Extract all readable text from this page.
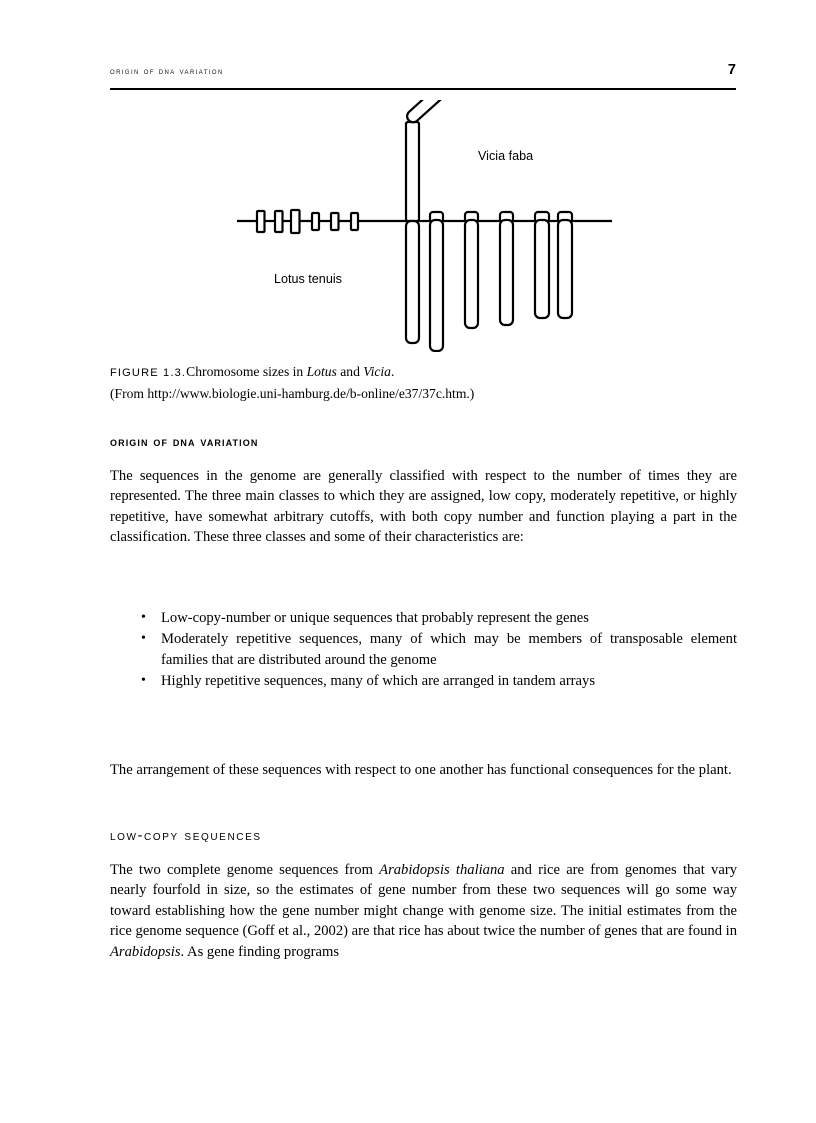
origin of dna variation	7
Vicia faba
Lotus tenuis
FIGURE 1.3.Chromosome sizes in Lotus and Vicia.
(From http://www.biologie.uni-hamburg.de/b-online/e37/37c.htm.)
origin of dna variation
The sequences in the genome are generally classified with respect to the number of times they are represented. The three main classes to which they are assigned, low copy, moderately repetitive, or highly repetitive, have somewhat arbitrary cutoffs, with both copy number and function playing a part in the classification. These three classes and some of their characteristics are:
•	Low-copy-number or unique sequences that probably represent the genes
•	Moderately repetitive sequences, many of which may be members of transposable element families that are distributed around the genome
•	Highly repetitive sequences, many of which are arranged in tandem arrays
The arrangement of these sequences with respect to one another has functional consequences for the plant.
low-copy sequences
The two complete genome sequences from Arabidopsis thaliana and rice are from genomes that vary nearly fourfold in size, so the estimates of gene number from these two sequences will go some way toward establishing how the gene number might change with genome size. The initial estimates from the rice genome sequence (Goff et al., 2002) are that rice has about twice the number of genes that are found in Arabidopsis. As gene finding programs
